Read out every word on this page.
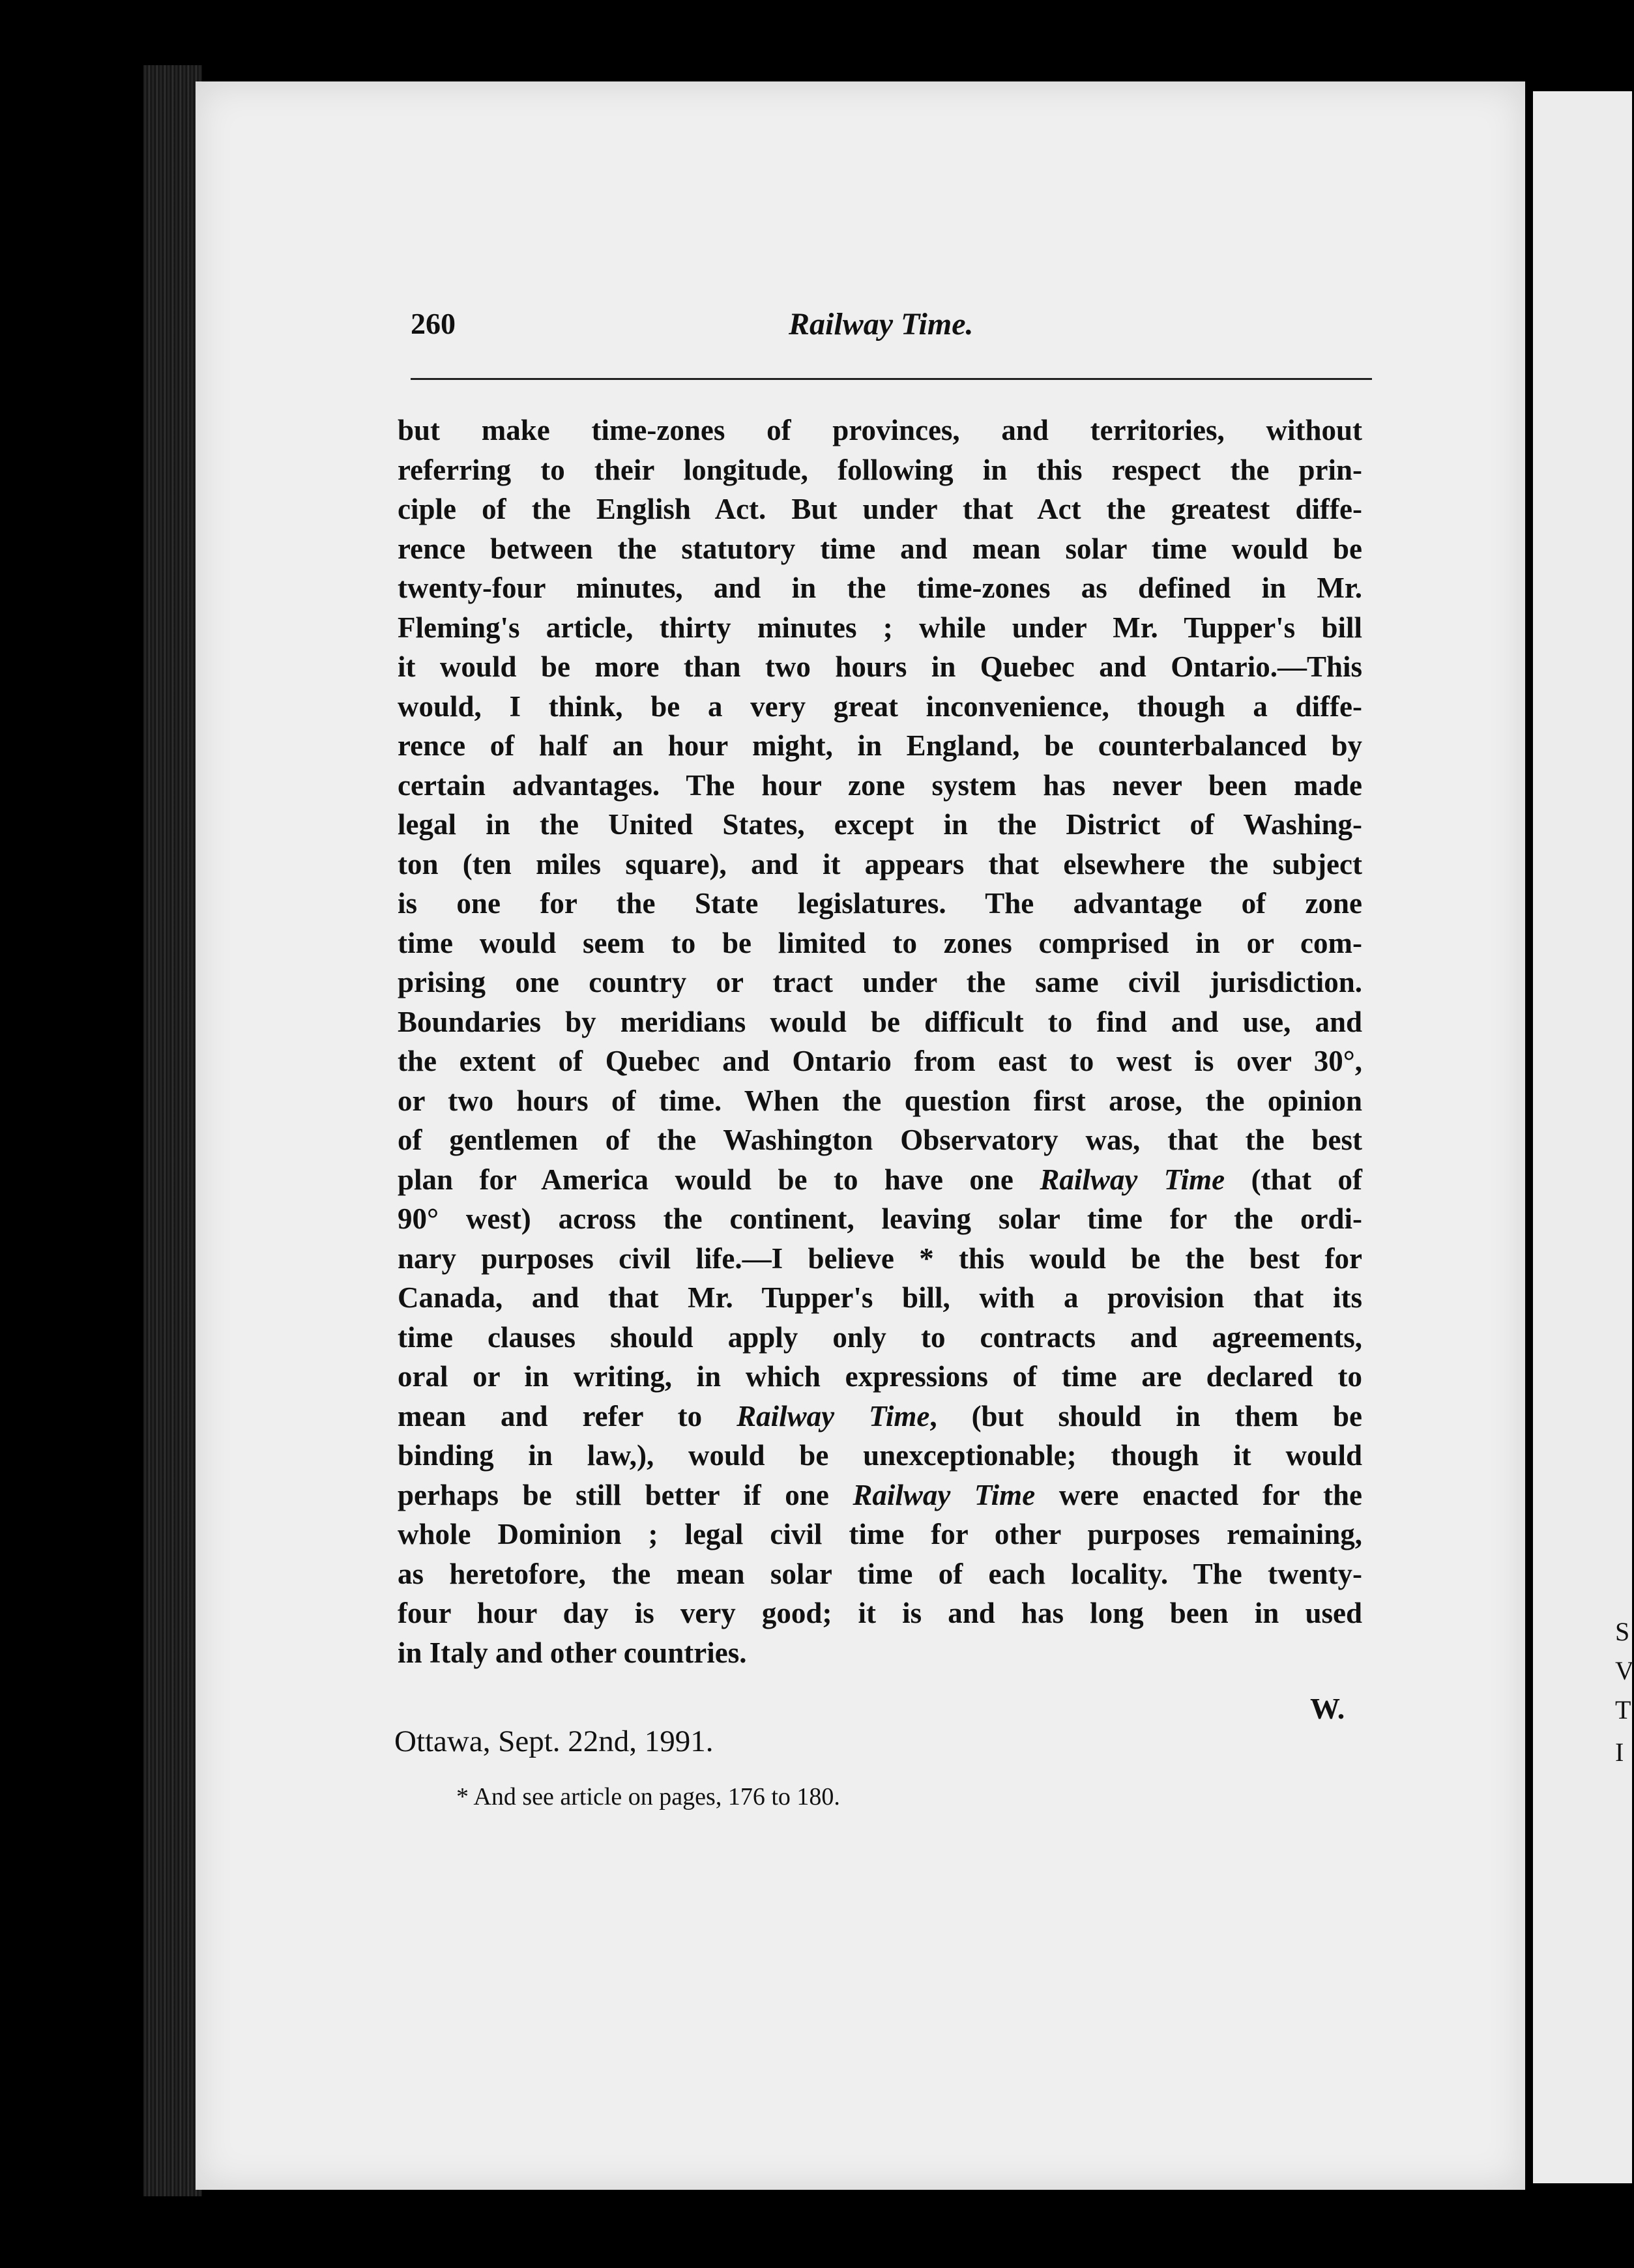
S
V
T
I
260	Railway Time.
but make time-zones of provinces, and territories, without
referring to their longitude, following in this respect the prin-
ciple of the English Act. But under that Act the greatest diffe-
rence between the statutory time and mean solar time would be
twenty-four minutes, and in the time-zones as defined in Mr.
Fleming's article, thirty minutes ; while under Mr. Tupper's bill
it would be more than two hours in Quebec and Ontario.—This
would, I think, be a very great inconvenience, though a diffe-
rence of half an hour might, in England, be counterbalanced by
certain advantages. The hour zone system has never been made
legal in the United States, except in the District of Washing-
ton (ten miles square), and it appears that elsewhere the subject
is one for the State legislatures. The advantage of zone
time would seem to be limited to zones comprised in or com-
prising one country or tract under the same civil jurisdiction.
Boundaries by meridians would be difficult to find and use, and
the extent of Quebec and Ontario from east to west is over 30°,
or two hours of time. When the question first arose, the opinion
of gentlemen of the Washington Observatory was, that the best
plan for America would be to have one Railway Time (that of
90° west) across the continent, leaving solar time for the ordi-
nary purposes civil life.—I believe * this would be the best for
Canada, and that Mr. Tupper's bill, with a provision that its
time clauses should apply only to contracts and agreements,
oral or in writing, in which expressions of time are declared to
mean and refer to Railway Time, (but should in them be
binding in law,), would be unexceptionable; though it would
perhaps be still better if one Railway Time were enacted for the
whole Dominion ; legal civil time for other purposes remaining,
as heretofore, the mean solar time of each locality. The twenty-
four hour day is very good; it is and has long been in used
in Italy and other countries.
W.
Ottawa, Sept. 22nd, 1991.
* And see article on pages, 176 to 180.
